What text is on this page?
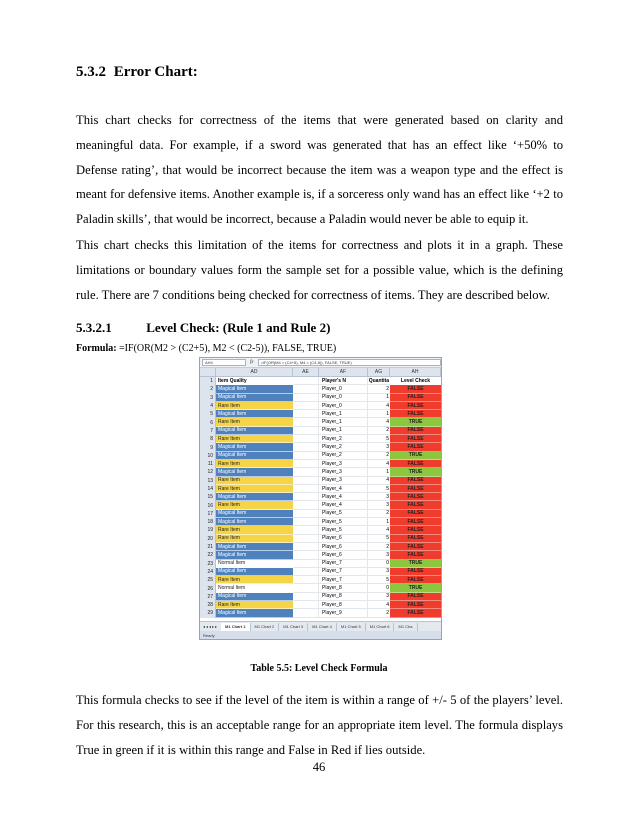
5.3.2 Error Chart:

This chart checks for correctness of the items that were generated based on clarity and meaningful data. For example, if a sword was generated that has an effect like ‘+50% to Defense rating’, that would be incorrect because the item was a weapon type and the effect is meant for defensive items. Another example is, if a sorceress only wand has an effect like ‘+2 to Paladin skills’, that would be incorrect, because a Paladin would never be able to equip it.

This chart checks this limitation of the items for correctness and plots it in a graph. These limitations or boundary values form the sample set for a possible value, which is the defining rule. There are 7 conditions being checked for correctness of items. They are described below.

5.3.2.1	Level Check: (Rule 1 and Rule 2)
Formula: =IF(OR(M2 > (C2+5), M2 < (C2-5)), FALSE, TRUE)
AH4	fx	=IF(OR(M4 > (C4+5), M4 < (C4-5)), FALSE, TRUE)
AD	AE	AF	AG	AH
1	Item Quality	Player's N	Quantita	Level Check
2	Magical Item	Player_0	2	FALSE
3	Magical Item	Player_0	1	FALSE
4	Rare Item	Player_0	4	FALSE
5	Magical Item	Player_1	1	FALSE
6	Rare Item	Player_1	4	TRUE
7	Magical Item	Player_1	2	FALSE
8	Rare Item	Player_2	5	FALSE
9	Magical Item	Player_2	3	FALSE
10	Magical Item	Player_2	2	TRUE
11	Rare Item	Player_3	4	FALSE
12	Magical Item	Player_3	1	TRUE
13	Rare Item	Player_3	4	FALSE
14	Rare Item	Player_4	5	FALSE
15	Magical Item	Player_4	3	FALSE
16	Rare Item	Player_4	3	FALSE
17	Magical Item	Player_5	2	FALSE
18	Magical Item	Player_5	1	FALSE
19	Rare Item	Player_5	4	FALSE
20	Rare Item	Player_6	5	FALSE
21	Magical Item	Player_6	2	FALSE
22	Magical Item	Player_6	3	FALSE
23	Normal Item	Player_7	0	TRUE
24	Magical Item	Player_7	3	FALSE
25	Rare Item	Player_7	5	FALSE
26	Normal Item	Player_8	0	TRUE
27	Magical Item	Player_8	3	FALSE
28	Rare Item	Player_8	4	FALSE
29	Magical Item	Player_9	2	FALSE
◂◂◂▸▸	M1 Chart 1	M1 Chart 2	M1 Chart 3	M1 Chart 4	M1 Chart 5	M1 Chart 6	M1 Cha
Ready
Table 5.5: Level Check Formula

This formula checks to see if the level of the item is within a range of +/- 5 of the players’ level. For this research, this is an acceptable range for an appropriate item level. The formula displays True in green if it is within this range and False in Red if lies outside.

46
